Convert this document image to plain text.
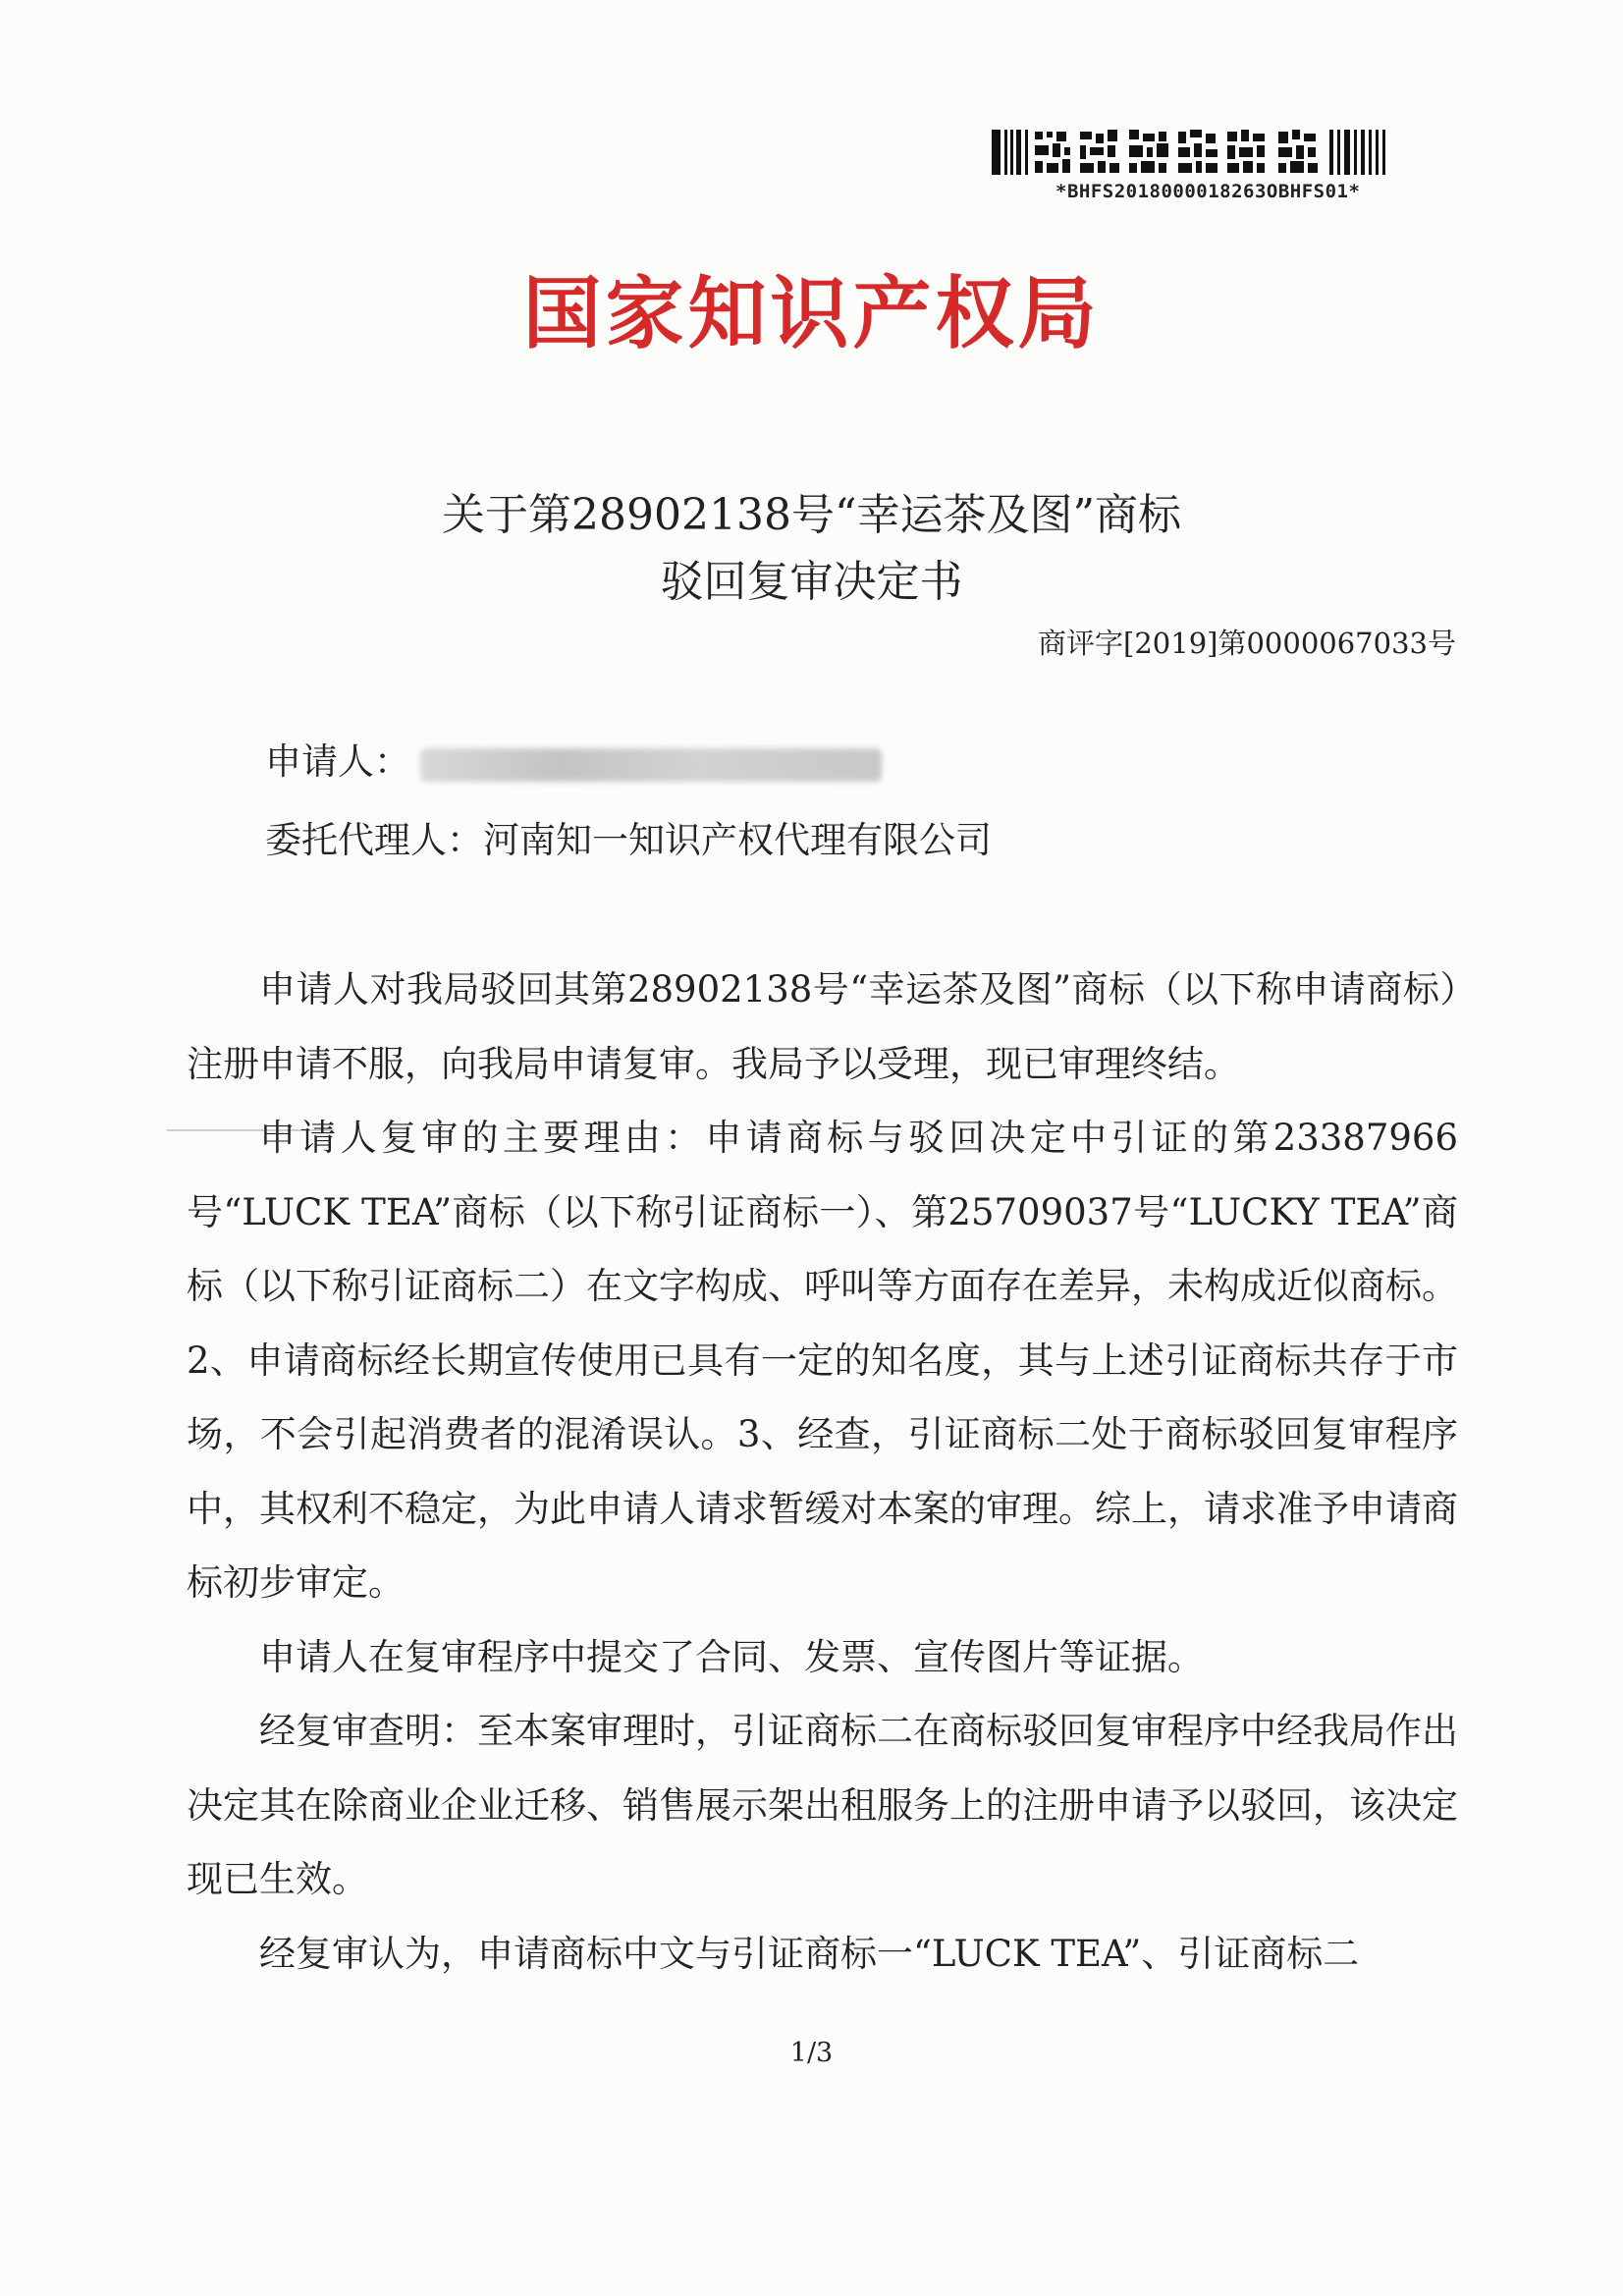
*BHFS2018000018263OBHFS01*
国家知识产权局
关于第28902138号“幸运茶及图”商标
驳回复审决定书
商评字[2019]第0000067033号
申请人：
委托代理人：河南知一知识产权代理有限公司

申请人对我局驳回其第28902138号“幸运茶及图”商标（以下称申请商标）注册申请不服，向我局申请复审。我局予以受理，现已审理终结。

申请人复审的主要理由：申请商标与驳回决定中引证的第23387966号“LUCK TEA”商标（以下称引证商标一）、第25709037号“LUCKY TEA”商标（以下称引证商标二）在文字构成、呼叫等方面存在差异，未构成近似商标。2、申请商标经长期宣传使用已具有一定的知名度，其与上述引证商标共存于市场，不会引起消费者的混淆误认。3、经查，引证商标二处于商标驳回复审程序中，其权利不稳定，为此申请人请求暂缓对本案的审理。综上，请求准予申请商标初步审定。

申请人在复审程序中提交了合同、发票、宣传图片等证据。

经复审查明：至本案审理时，引证商标二在商标驳回复审程序中经我局作出决定其在除商业企业迁移、销售展示架出租服务上的注册申请予以驳回，该决定现已生效。

经复审认为，申请商标中文与引证商标一“LUCK TEA”、引证商标二

1/3
